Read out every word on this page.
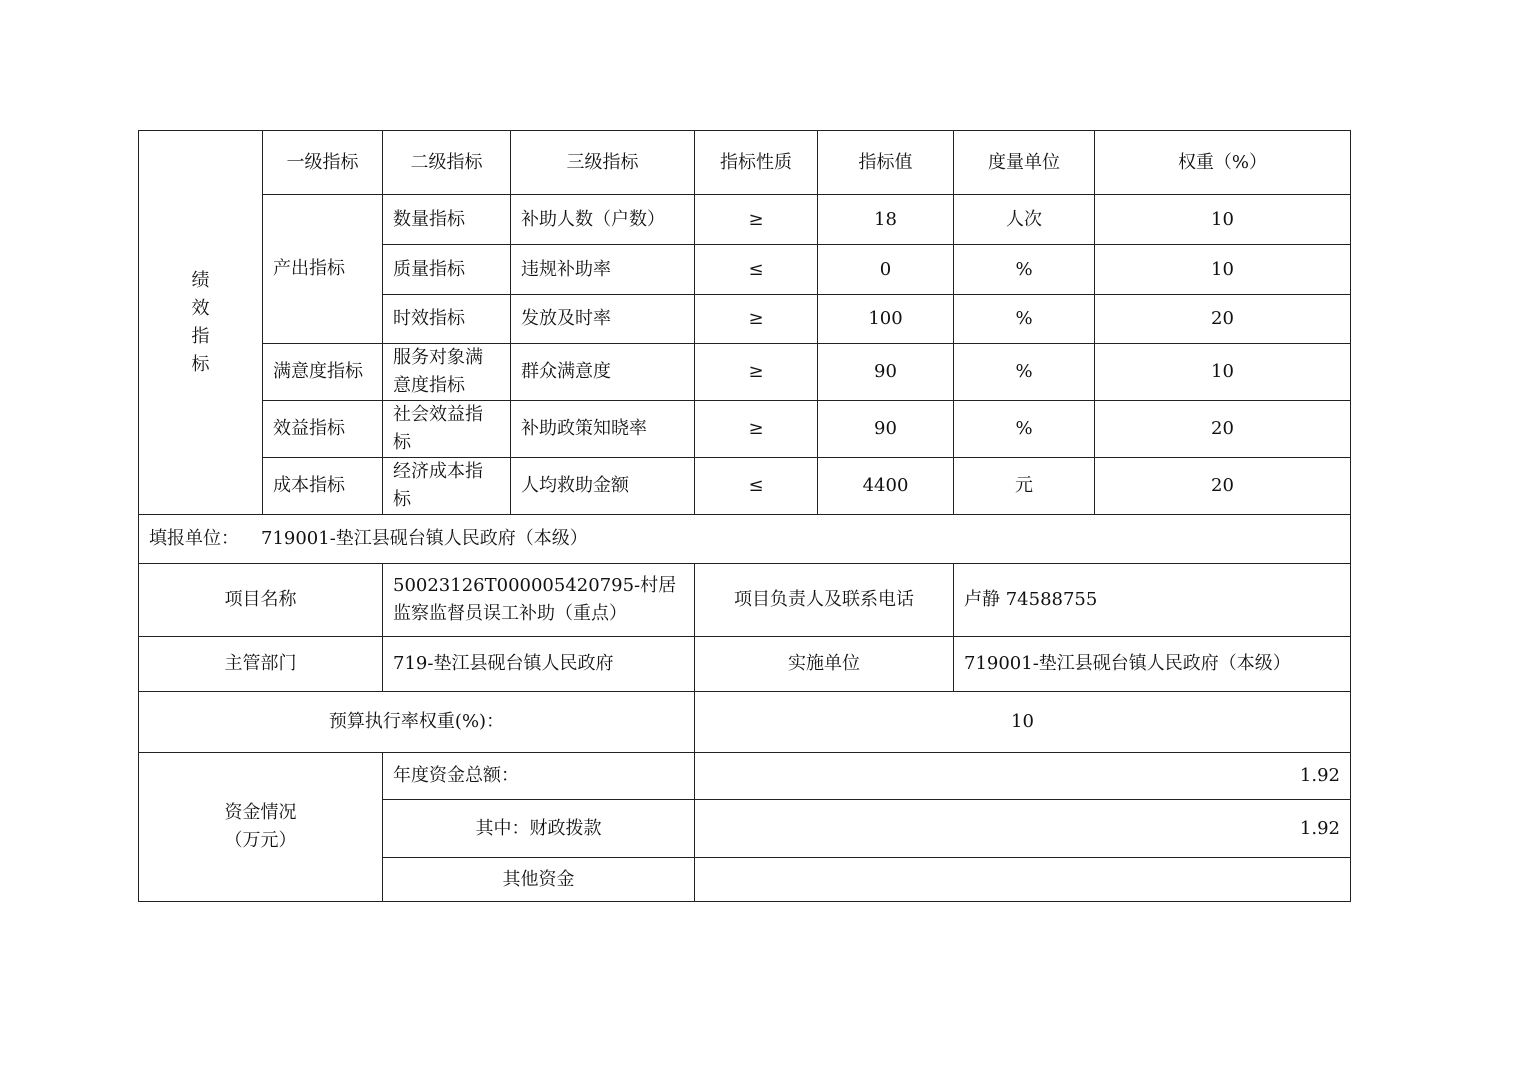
绩
效
指
标	一级指标	二级指标	三级指标	指标性质	指标值	度量单位	权重（%）
	产出指标	数量指标	补助人数（户数）	≥	18	人次	10
		质量指标	违规补助率	≤	0	%	10
		时效指标	发放及时率	≥	100	%	20
	满意度指标	服务对象满意度指标	群众满意度	≥	90	%	10
	效益指标	社会效益指标	补助政策知晓率	≥	90	%	20
	成本指标	经济成本指标	人均救助金额	≤	4400	元	20
填报单位： 719001-垫江县砚台镇人民政府（本级）							
项目名称		50023126T000005420795-村居监察监督员误工补助（重点）		项目负责人及联系电话		卢静 74588755	
主管部门		719-垫江县砚台镇人民政府		实施单位		719001-垫江县砚台镇人民政府（本级）	
预算执行率权重(%)：				10			

资金情况
（万元）		年度资金总额：		1.92			
		其中：财政拨款		1.92			
		其他资金					
